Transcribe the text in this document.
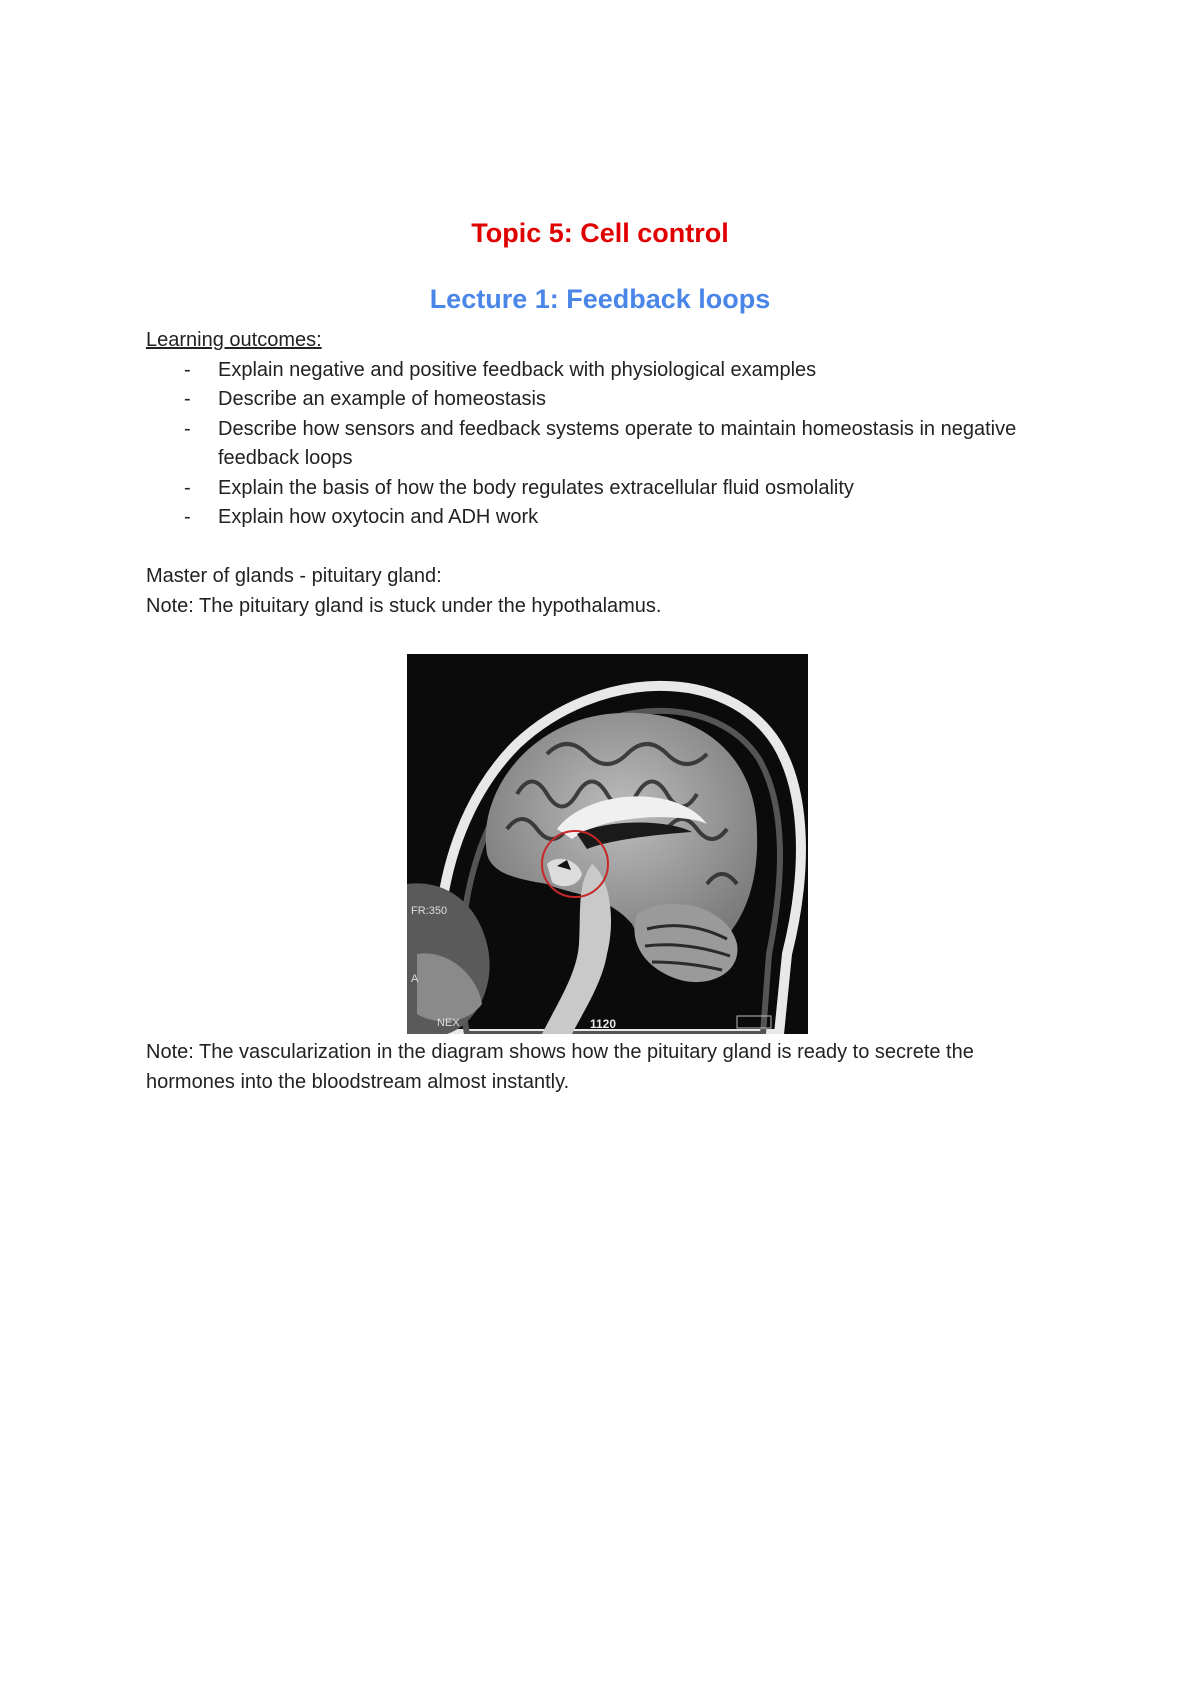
Topic 5: Cell control
Lecture 1: Feedback loops

Learning outcomes:

- Explain negative and positive feedback with physiological examples
- Describe an example of homeostasis
- Describe how sensors and feedback systems operate to maintain homeostasis in negative feedback loops
- Explain the basis of how the body regulates extracellular fluid osmolality
- Explain how oxytocin and ADH work

Master of glands - pituitary gland:

Note: The pituitary gland is stuck under the hypothalamus.

FR:350
NEX
A
1120

Note: The vascularization in the diagram shows how the pituitary gland is ready to secrete the hormones into the bloodstream almost instantly.
